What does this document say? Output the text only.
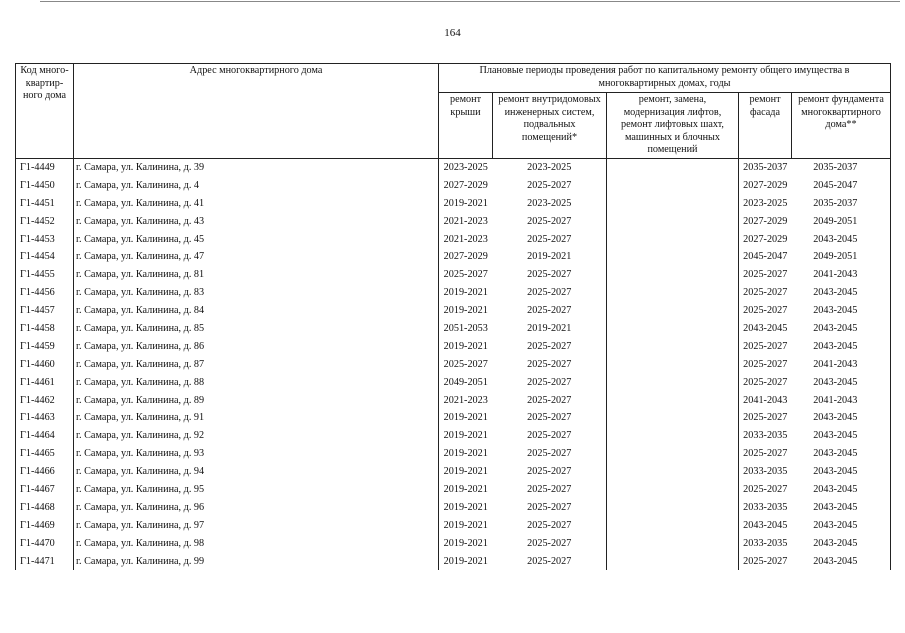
164
Код много-квартир-ного дома	Адрес многоквартирного дома	Плановые периоды проведения работ по капитальному ремонту общего имущества в многоквартирных домах, годы				
		ремонт крыши	ремонт внутридомовых инженерных систем, подвальных помещений*	ремонт, замена, модернизация лифтов, ремонт лифтовых шахт, машинных и блочных помещений	ремонт фасада	ремонт фундамента многоквартирного дома**
Г1-4449	г. Самара, ул. Калинина, д. 39	2023-2025	2023-2025		2035-2037	2035-2037
Г1-4450	г. Самара, ул. Калинина, д. 4	2027-2029	2025-2027		2027-2029	2045-2047
Г1-4451	г. Самара, ул. Калинина, д. 41	2019-2021	2023-2025		2023-2025	2035-2037
Г1-4452	г. Самара, ул. Калинина, д. 43	2021-2023	2025-2027		2027-2029	2049-2051
Г1-4453	г. Самара, ул. Калинина, д. 45	2021-2023	2025-2027		2027-2029	2043-2045
Г1-4454	г. Самара, ул. Калинина, д. 47	2027-2029	2019-2021		2045-2047	2049-2051
Г1-4455	г. Самара, ул. Калинина, д. 81	2025-2027	2025-2027		2025-2027	2041-2043
Г1-4456	г. Самара, ул. Калинина, д. 83	2019-2021	2025-2027		2025-2027	2043-2045
Г1-4457	г. Самара, ул. Калинина, д. 84	2019-2021	2025-2027		2025-2027	2043-2045
Г1-4458	г. Самара, ул. Калинина, д. 85	2051-2053	2019-2021		2043-2045	2043-2045
Г1-4459	г. Самара, ул. Калинина, д. 86	2019-2021	2025-2027		2025-2027	2043-2045
Г1-4460	г. Самара, ул. Калинина, д. 87	2025-2027	2025-2027		2025-2027	2041-2043
Г1-4461	г. Самара, ул. Калинина, д. 88	2049-2051	2025-2027		2025-2027	2043-2045
Г1-4462	г. Самара, ул. Калинина, д. 89	2021-2023	2025-2027		2041-2043	2041-2043
Г1-4463	г. Самара, ул. Калинина, д. 91	2019-2021	2025-2027		2025-2027	2043-2045
Г1-4464	г. Самара, ул. Калинина, д. 92	2019-2021	2025-2027		2033-2035	2043-2045
Г1-4465	г. Самара, ул. Калинина, д. 93	2019-2021	2025-2027		2025-2027	2043-2045
Г1-4466	г. Самара, ул. Калинина, д. 94	2019-2021	2025-2027		2033-2035	2043-2045
Г1-4467	г. Самара, ул. Калинина, д. 95	2019-2021	2025-2027		2025-2027	2043-2045
Г1-4468	г. Самара, ул. Калинина, д. 96	2019-2021	2025-2027		2033-2035	2043-2045
Г1-4469	г. Самара, ул. Калинина, д. 97	2019-2021	2025-2027		2043-2045	2043-2045
Г1-4470	г. Самара, ул. Калинина, д. 98	2019-2021	2025-2027		2033-2035	2043-2045
Г1-4471	г. Самара, ул. Калинина, д. 99	2019-2021	2025-2027		2025-2027	2043-2045
